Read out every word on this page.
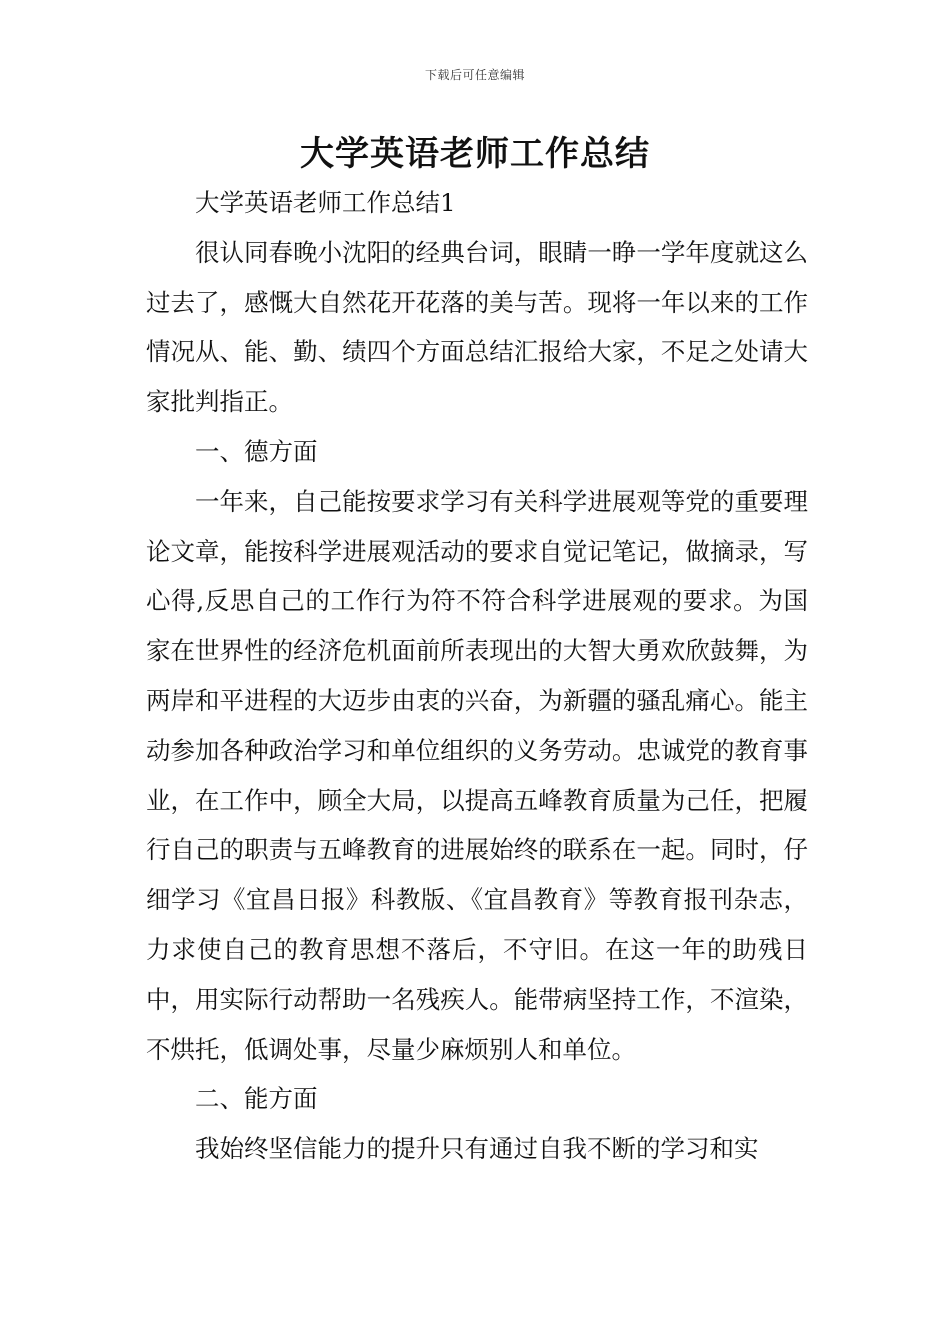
下载后可任意编辑
大学英语老师工作总结

大学英语老师工作总结1

很认同春晚小沈阳的经典台词，眼睛一睁一学年度就这么过去了，感慨大自然花开花落的美与苦。现将一年以来的工作情况从、能、勤、绩四个方面总结汇报给大家，不足之处请大家批判指正。

一、德方面

一年来，自己能按要求学习有关科学进展观等党的重要理论文章，能按科学进展观活动的要求自觉记笔记，做摘录，写心得,反思自己的工作行为符不符合科学进展观的要求。为国家在世界性的经济危机面前所表现出的大智大勇欢欣鼓舞，为两岸和平进程的大迈步由衷的兴奋，为新疆的骚乱痛心。能主动参加各种政治学习和单位组织的义务劳动。忠诚党的教育事业，在工作中，顾全大局，以提高五峰教育质量为己任，把履行自己的职责与五峰教育的进展始终的联系在一起。同时，仔细学习《宜昌日报》科教版、《宜昌教育》等教育报刊杂志，力求使自己的教育思想不落后，不守旧。在这一年的助残日中，用实际行动帮助一名残疾人。能带病坚持工作，不渲染，不烘托，低调处事，尽量少麻烦别人和单位。

二、能方面

我始终坚信能力的提升只有通过自我不断的学习和实
